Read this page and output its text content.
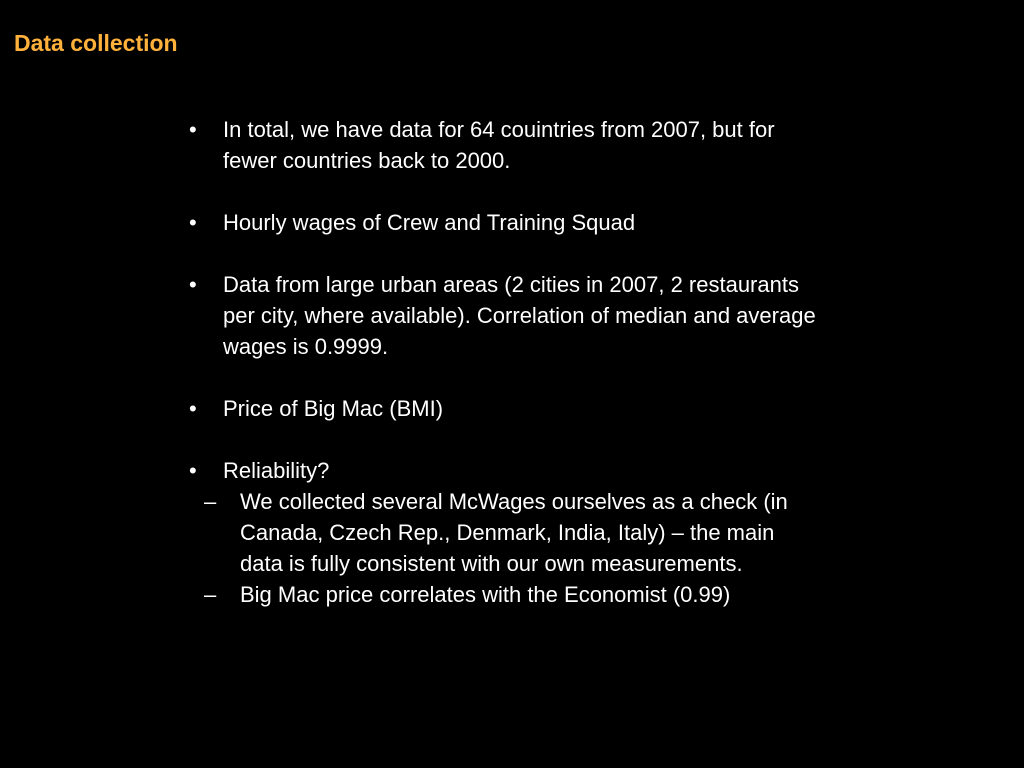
Data collection
•	In total, we have data for 64 couintries from 2007, but for fewer countries back to 2000.
•	Hourly wages of Crew and Training Squad
•	Data from large urban areas (2 cities in 2007, 2 restaurants per city, where available). Correlation of median and average wages is 0.9999.
•	Price of Big Mac (BMI)
•	Reliability?
– We collected several McWages ourselves as a check (in Canada, Czech Rep., Denmark, India, Italy) – the main data is fully consistent with our own measurements.
– Big Mac price correlates with the Economist (0.99)
